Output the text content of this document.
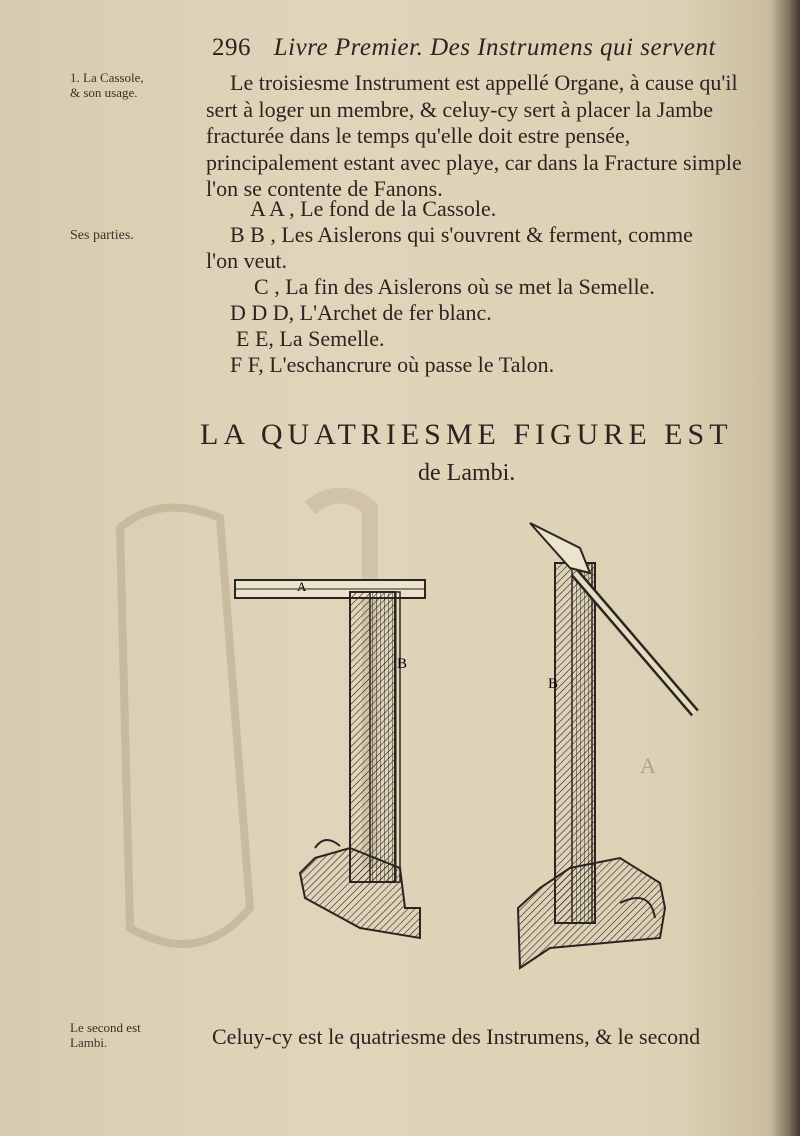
296 Livre Premier. Des Instrumens qui servent
1. La Cassole,
& son usage.
Ses parties.
Le second est
Lambi.

Le troisiesme Instrument est appellé Organe, à cause qu'il sert à loger un membre, & celuy-cy sert à placer la Jambe fracturée dans le temps qu'elle doit estre pensée, principalement estant avec playe, car dans la Fracture simple l'on se contente de Fanons.

A A , Le fond de la Cassole.
B B , Les Aislerons qui s'ouvrent & ferment, comme
l'on veut.
C , La fin des Aislerons où se met la Semelle.
D D D, L'Archet de fer blanc.
E E, La Semelle.
F F, L'eschancrure où passe le Talon.
LA QUATRIESME FIGURE EST
de Lambi.
A
B
B
A
Celuy-cy est le quatriesme des Instrumens, & le second
